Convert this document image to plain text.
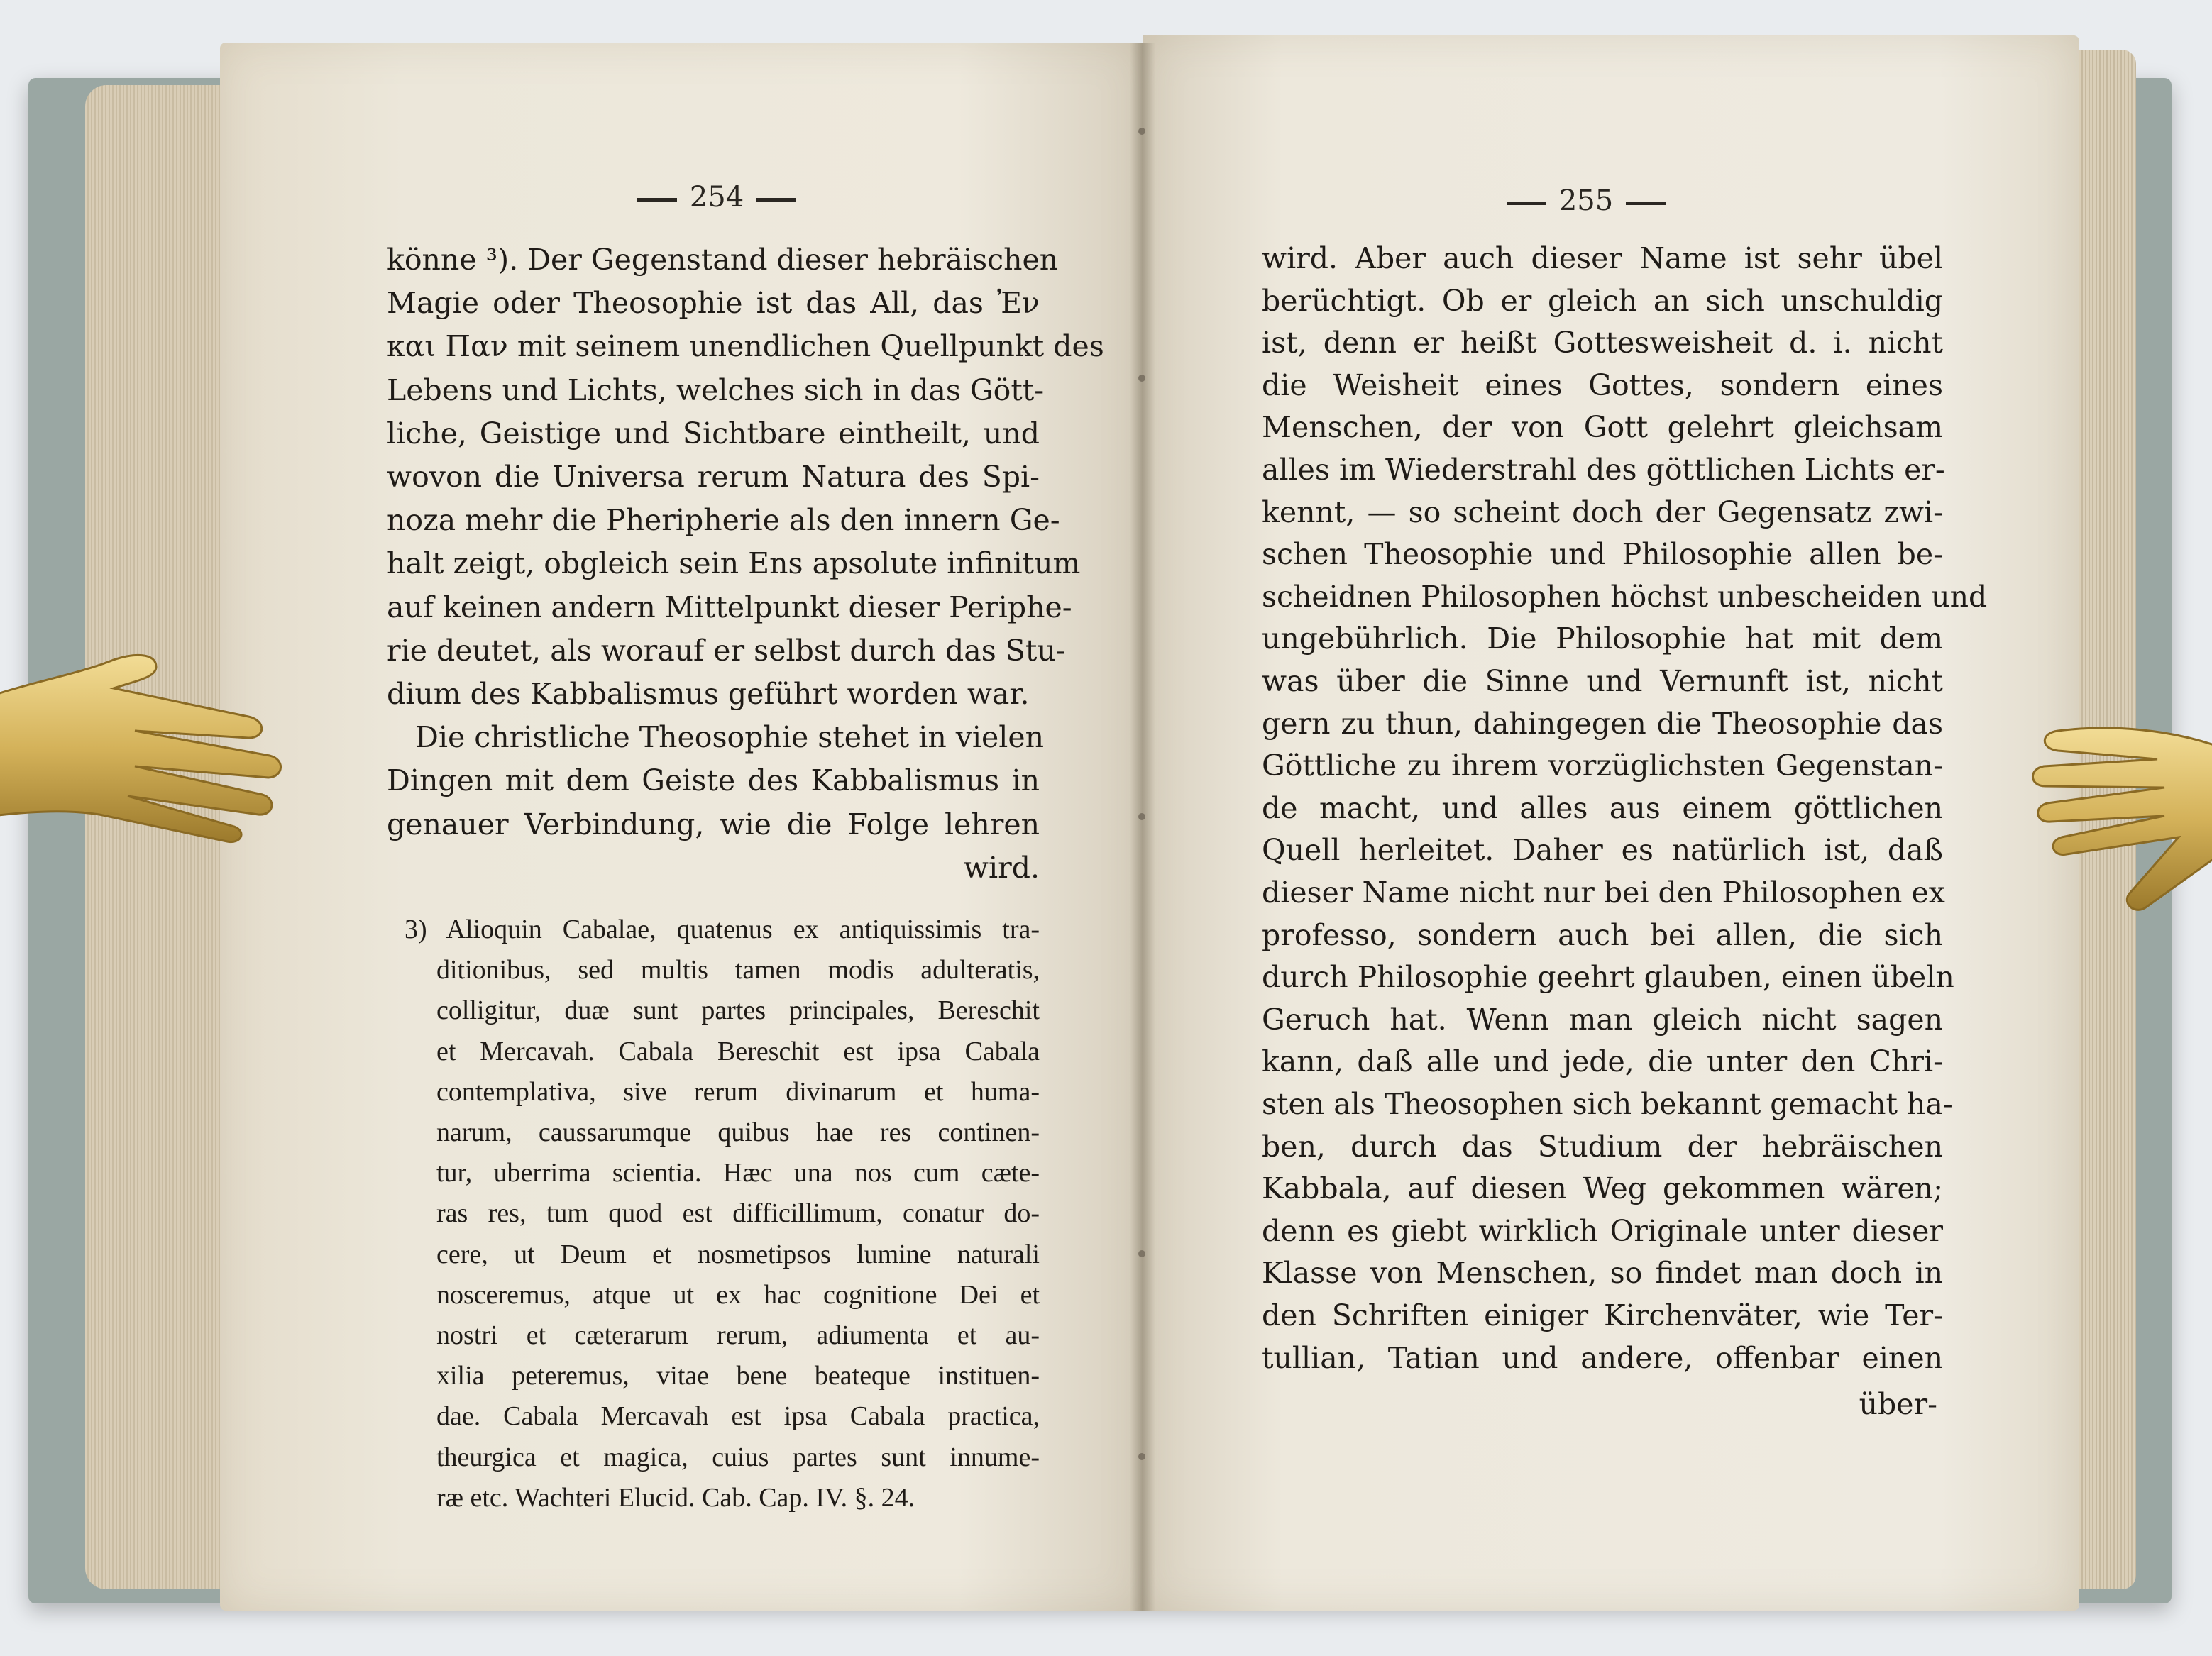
254	255
könne ³). Der Gegenstand dieser hebräischen
Magie oder Theosophie ist das All, das Ἐν
και Παν mit seinem unendlichen Quellpunkt des
Lebens und Lichts, welches sich in das Gött-
liche, Geistige und Sichtbare eintheilt, und
wovon die Universa rerum Natura des Spi-
noza mehr die Pheripherie als den innern Ge-
halt zeigt, obgleich sein Ens apsolute infinitum
auf keinen andern Mittelpunkt dieser Periphe-
rie deutet, als worauf er selbst durch das Stu-
dium des Kabbalismus geführt worden war.
Die christliche Theosophie stehet in vielen
Dingen mit dem Geiste des Kabbalismus in
genauer Verbindung, wie die Folge lehren
wird.
3) Alioquin Cabalae, quatenus ex antiquissimis tra-
ditionibus, sed multis tamen modis adulteratis,
colligitur, duæ sunt partes principales, Bereschit
et Mercavah. Cabala Bereschit est ipsa Cabala
contemplativa, sive rerum divinarum et huma-
narum, caussarumque quibus hae res continen-
tur, uberrima scientia. Hæc una nos cum cæte-
ras res, tum quod est difficillimum, conatur do-
cere, ut Deum et nosmetipsos lumine naturali
nosceremus, atque ut ex hac cognitione Dei et
nostri et cæterarum rerum, adiumenta et au-
xilia peteremus, vitae bene beateque instituen-
dae. Cabala Mercavah est ipsa Cabala practica,
theurgica et magica, cuius partes sunt innume-
ræ etc. Wachteri Elucid. Cab. Cap. IV. §. 24.
wird. Aber auch dieser Name ist sehr übel
berüchtigt. Ob er gleich an sich unschuldig
ist, denn er heißt Gottesweisheit d. i. nicht
die Weisheit eines Gottes, sondern eines
Menschen, der von Gott gelehrt gleichsam
alles im Wiederstrahl des göttlichen Lichts er-
kennt, — so scheint doch der Gegensatz zwi-
schen Theosophie und Philosophie allen be-
scheidnen Philosophen höchst unbescheiden und
ungebührlich. Die Philosophie hat mit dem
was über die Sinne und Vernunft ist, nicht
gern zu thun, dahingegen die Theosophie das
Göttliche zu ihrem vorzüglichsten Gegenstan-
de macht, und alles aus einem göttlichen
Quell herleitet. Daher es natürlich ist, daß
dieser Name nicht nur bei den Philosophen ex
professo, sondern auch bei allen, die sich
durch Philosophie geehrt glauben, einen übeln
Geruch hat. Wenn man gleich nicht sagen
kann, daß alle und jede, die unter den Chri-
sten als Theosophen sich bekannt gemacht ha-
ben, durch das Studium der hebräischen
Kabbala, auf diesen Weg gekommen wären;
denn es giebt wirklich Originale unter dieser
Klasse von Menschen, so findet man doch in
den Schriften einiger Kirchenväter, wie Ter-
tullian, Tatian und andere, offenbar einen
über-
